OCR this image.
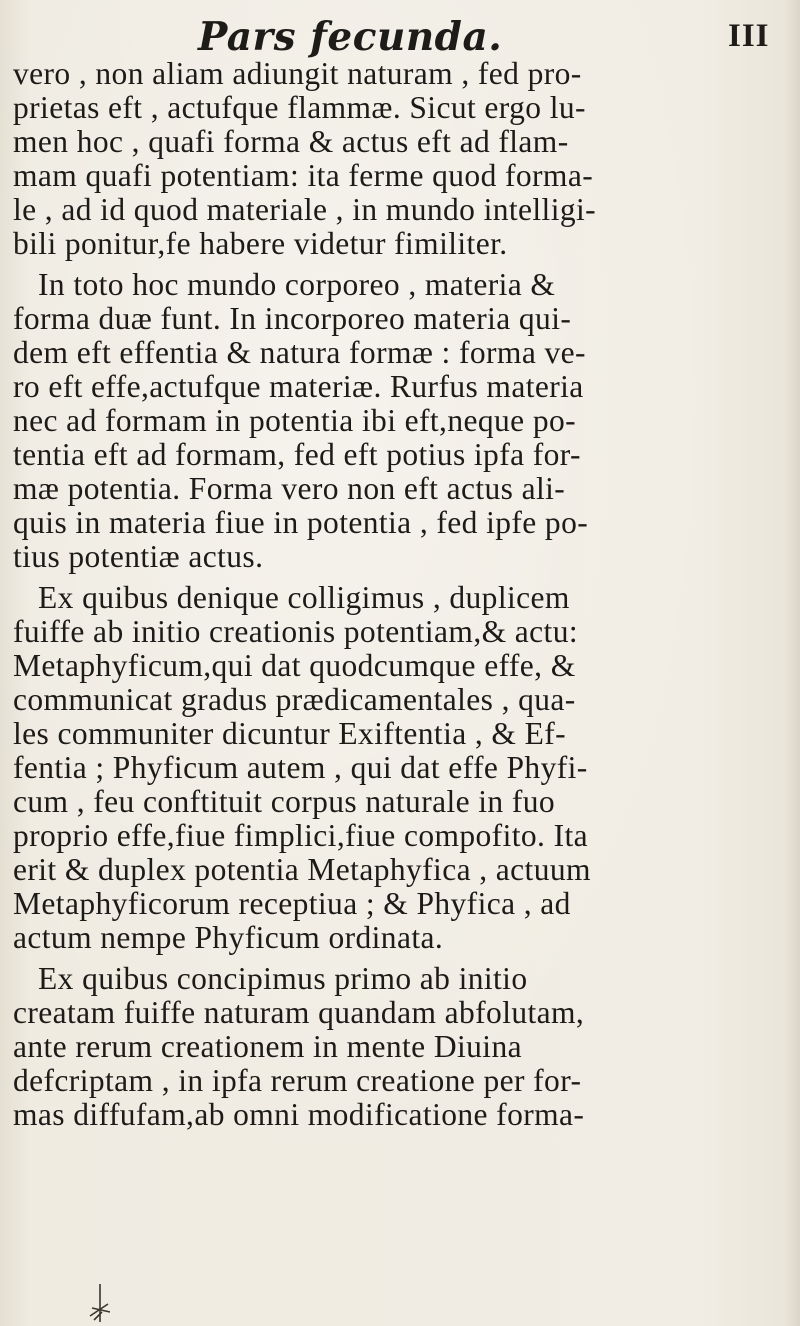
Pars fecunda.	III
vero , non aliam adiungit naturam , fed pro-
prietas eft , actufque flammæ. Sicut ergo lu-
men hoc , quafi forma & actus eft ad flam-
mam quafi potentiam: ita ferme quod forma-
le , ad id quod materiale , in mundo intelligi-
bili ponitur,fe habere videtur fimiliter.
In toto hoc mundo corporeo , materia &
forma duæ funt. In incorporeo materia qui-
dem eft effentia & natura formæ : forma ve-
ro eft effe,actufque materiæ. Rurfus materia
nec ad formam in potentia ibi eft,neque po-
tentia eft ad formam, fed eft potius ipfa for-
mæ potentia. Forma vero non eft actus ali-
quis in materia fiue in potentia , fed ipfe po-
tius potentiæ actus.
Ex quibus denique colligimus , duplicem
fuiffe ab initio creationis potentiam,& actu:
Metaphyficum,qui dat quodcumque effe, &
communicat gradus prædicamentales , qua-
les communiter dicuntur Exiftentia , & Ef-
fentia ; Phyficum autem , qui dat effe Phyfi-
cum , feu conftituit corpus naturale in fuo
proprio effe,fiue fimplici,fiue compofito. Ita
erit & duplex potentia Metaphyfica , actuum
Metaphyficorum receptiua ; & Phyfica , ad
actum nempe Phyficum ordinata.
Ex quibus concipimus primo ab initio
creatam fuiffe naturam quandam abfolutam,
ante rerum creationem in mente Diuina
defcriptam , in ipfa rerum creatione per for-
mas diffufam,ab omni modificatione forma-
